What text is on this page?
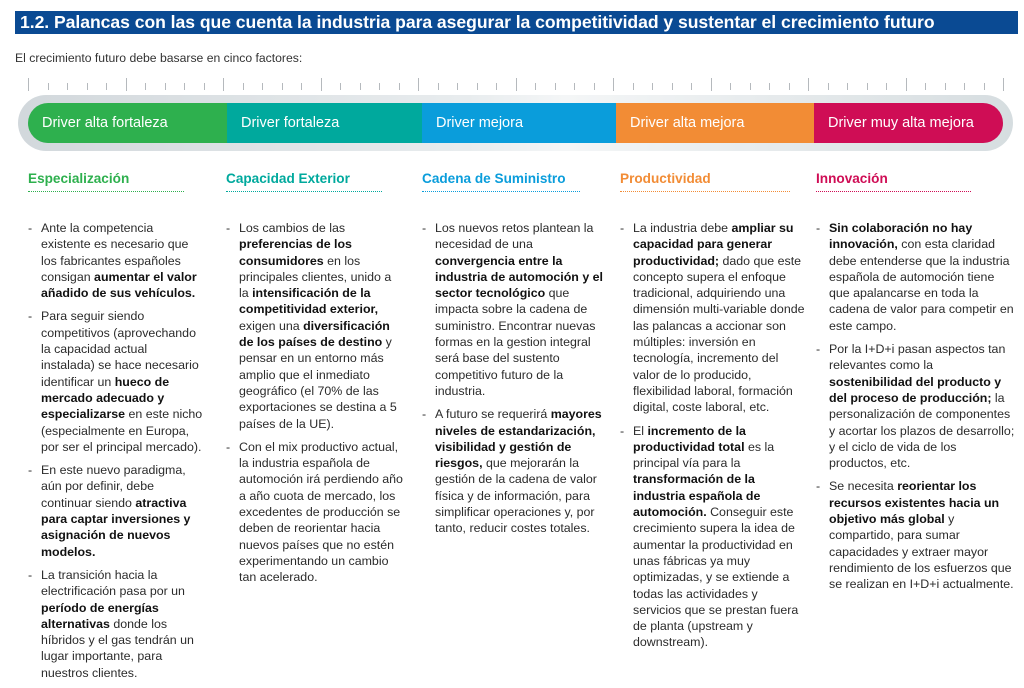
1.2. Palancas con las que cuenta la industria para asegurar la competitividad y sustentar el crecimiento futuro
El crecimiento futuro debe basarse en cinco factores:
Driver alta fortaleza	Driver fortaleza	Driver mejora	Driver alta mejora	Driver muy alta mejora
Especialización
- Ante la competencia existente es necesario que los fabricantes españoles consigan aumentar el valor añadido de sus vehículos.
- Para seguir siendo competitivos (aprovechando la capacidad actual instalada) se hace necesario identificar un hueco de mercado adecuado y especializarse en este nicho (especialmente en Europa, por ser el principal mercado).
- En este nuevo paradigma, aún por definir, debe continuar siendo atractiva para captar inversiones y asignación de nuevos modelos.
- La transición hacia la electrificación pasa por un período de energías alternativas donde los híbridos y el gas tendrán un lugar importante, para nuestros clientes.
Capacidad Exterior
- Los cambios de las preferencias de los consumidores en los principales clientes, unido a la intensificación de la competitividad exterior, exigen una diversificación de los países de destino y pensar en un entorno más amplio que el inmediato geográfico (el 70% de las exportaciones se destina a 5 países de la UE).
- Con el mix productivo actual, la industria española de automoción irá perdiendo año a año cuota de mercado, los excedentes de producción se deben de reorientar hacia nuevos países que no estén experimentando un cambio tan acelerado.
Cadena de Suministro
- Los nuevos retos plantean la necesidad de una convergencia entre la industria de automoción y el sector tecnológico que impacta sobre la cadena de suministro. Encontrar nuevas formas en la gestion integral será base del sustento competitivo futuro de la industria.
- A futuro se requerirá mayores niveles de estandarización, visibilidad y gestión de riesgos, que mejorarán la gestión de la cadena de valor física y de información, para simplificar operaciones y, por tanto, reducir costes totales.
Productividad
- La industria debe ampliar su capacidad para generar productividad; dado que este concepto supera el enfoque tradicional, adquiriendo una dimensión multi-variable donde las palancas a accionar son múltiples: inversión en tecnología, incremento del valor de lo producido, flexibilidad laboral, formación digital, coste laboral, etc.
- El incremento de la productividad total es la principal vía para la transformación de la industria española de automoción. Conseguir este crecimiento supera la idea de aumentar la productividad en unas fábricas ya muy optimizadas, y se extiende a todas las actividades y servicios que se prestan fuera de planta (upstream y downstream).
Innovación
- Sin colaboración no hay innovación, con esta claridad debe entenderse que la industria española de automoción tiene que apalancarse en toda la cadena de valor para competir en este campo.
- Por la I+D+i pasan aspectos tan relevantes como la sostenibilidad del producto y del proceso de producción; la personalización de componentes y acortar los plazos de desarrollo; y el ciclo de vida de los productos, etc.
- Se necesita reorientar los recursos existentes hacia un objetivo más global y compartido, para sumar capacidades y extraer mayor rendimiento de los esfuerzos que se realizan en I+D+i actualmente.
